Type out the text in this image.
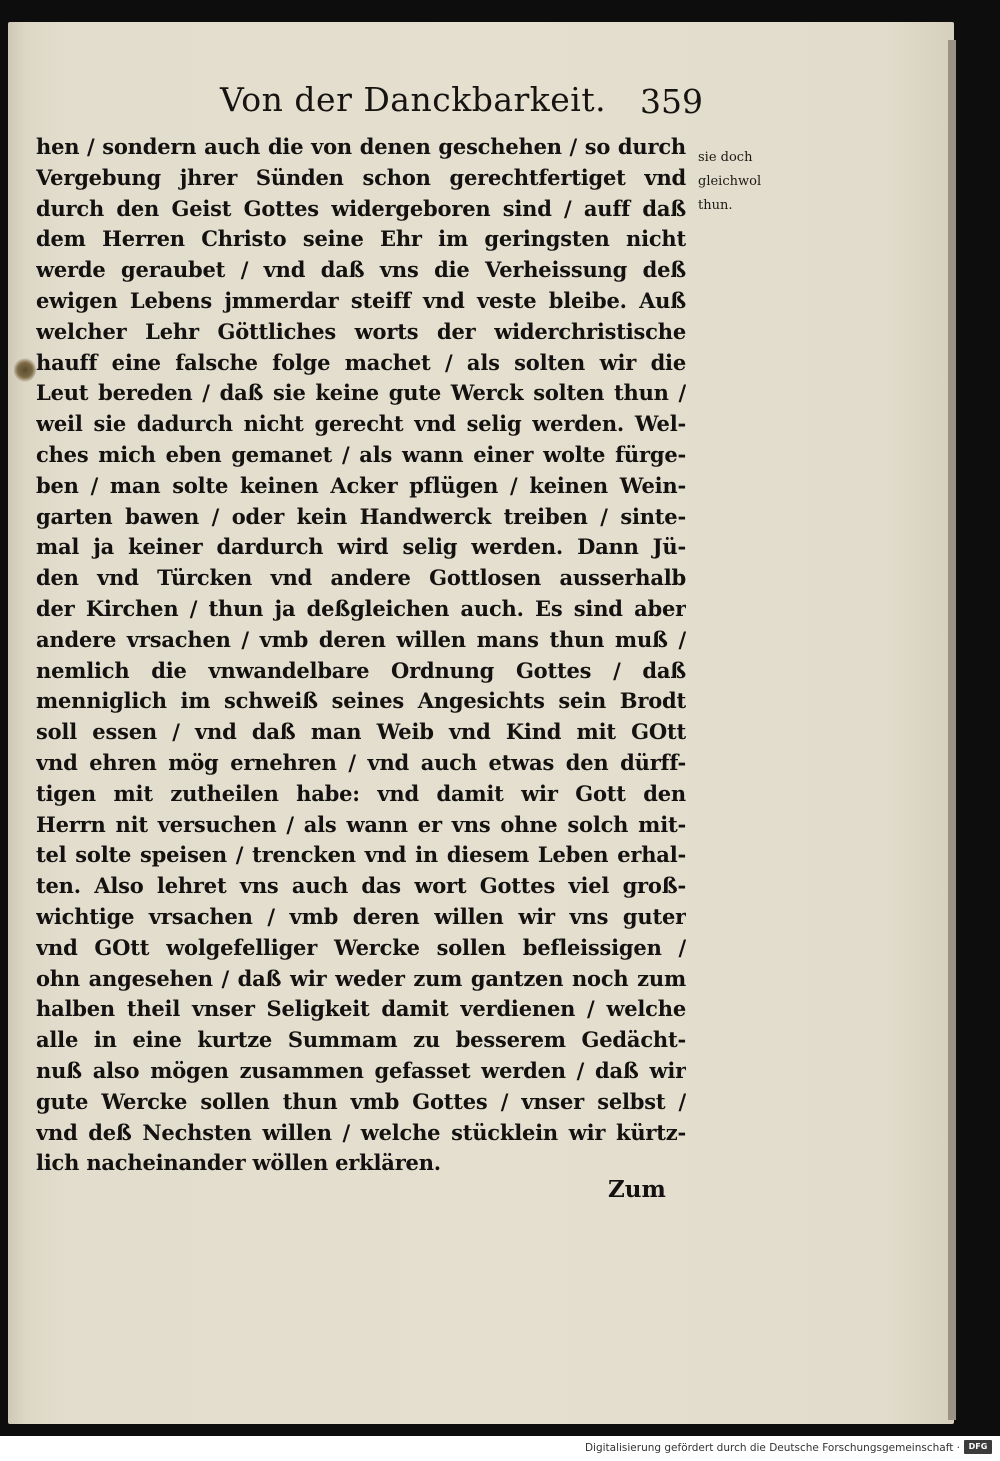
Von der Danckbarkeit. 359
hen / sondern auch die von denen geschehen / so durch
Vergebung jhrer Sünden schon gerechtfertiget vnd
durch den Geist Gottes widergeboren sind / auff daß
dem Herren Christo seine Ehr im geringsten nicht
werde geraubet / vnd daß vns die Verheissung deß
ewigen Lebens jmmerdar steiff vnd veste bleibe. Auß
welcher Lehr Göttliches worts der widerchristische
hauff eine falsche folge machet / als solten wir die
Leut bereden / daß sie keine gute Werck solten thun /
weil sie dadurch nicht gerecht vnd selig werden. Wel-
ches mich eben gemanet / als wann einer wolte fürge-
ben / man solte keinen Acker pflügen / keinen Wein-
garten bawen / oder kein Handwerck treiben / sinte-
mal ja keiner dardurch wird selig werden. Dann Jü-
den vnd Türcken vnd andere Gottlosen ausserhalb
der Kirchen / thun ja deßgleichen auch. Es sind aber
andere vrsachen / vmb deren willen mans thun muß /
nemlich die vnwandelbare Ordnung Gottes / daß
menniglich im schweiß seines Angesichts sein Brodt
soll essen / vnd daß man Weib vnd Kind mit GOtt
vnd ehren mög ernehren / vnd auch etwas den dürff-
tigen mit zutheilen habe: vnd damit wir Gott den
Herrn nit versuchen / als wann er vns ohne solch mit-
tel solte speisen / trencken vnd in diesem Leben erhal-
ten. Also lehret vns auch das wort Gottes viel groß-
wichtige vrsachen / vmb deren willen wir vns guter
vnd GOtt wolgefelliger Wercke sollen befleissigen /
ohn angesehen / daß wir weder zum gantzen noch zum
halben theil vnser Seligkeit damit verdienen / welche
alle in eine kurtze Summam zu besserem Gedächt-
nuß also mögen zusammen gefasset werden / daß wir
gute Wercke sollen thun vmb Gottes / vnser selbst /
vnd deß Nechsten willen / welche stücklein wir kürtz-
lich nacheinander wöllen erklären.
sie doch
gleichwol
thun.
Zum
Digitalisierung gefördert durch die Deutsche Forschungsgemeinschaft ·	DFG
